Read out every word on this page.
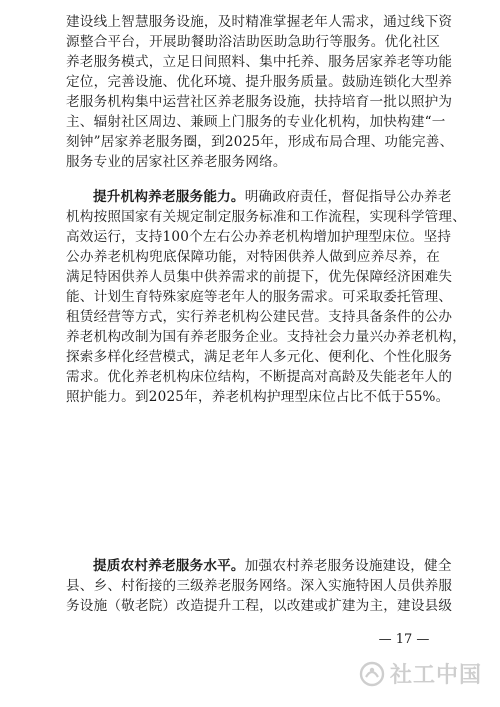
建设线上智慧服务设施，及时精准掌握老年人需求，通过线下资
源整合平台，开展助餐助浴洁助医助急助行等服务。优化社区
养老服务模式，立足日间照料、集中托养、服务居家养老等功能
定位，完善设施、优化环境、提升服务质量。鼓励连锁化大型养
老服务机构集中运营社区养老服务设施，扶持培育一批以照护为
主、辐射社区周边、兼顾上门服务的专业化机构，加快构建“一
刻钟”居家养老服务圈，到2025年，形成布局合理、功能完善、
服务专业的居家社区养老服务网络。
提升机构养老服务能力。明确政府责任，督促指导公办养老
机构按照国家有关规定制定服务标准和工作流程，实现科学管理、
高效运行，支持100个左右公办养老机构增加护理型床位。坚持
公办养老机构兜底保障功能，对特困供养人做到应养尽养，在
满足特困供养人员集中供养需求的前提下，优先保障经济困难失
能、计划生育特殊家庭等老年人的服务需求。可采取委托管理、
租赁经营等方式，实行养老机构公建民营。支持具备条件的公办
养老机构改制为国有养老服务企业。支持社会力量兴办养老机构，
探索多样化经营模式，满足老年人多元化、便利化、个性化服务
需求。优化养老机构床位结构，不断提高对高龄及失能老年人的
照护能力。到2025年，养老机构护理型床位占比不低于55%。
提质农村养老服务水平。加强农村养老服务设施建设，健全
县、乡、村衔接的三级养老服务网络。深入实施特困人员供养服
务设施（敬老院）改造提升工程，以改建或扩建为主，建设县级
— 17 —
社工中国
